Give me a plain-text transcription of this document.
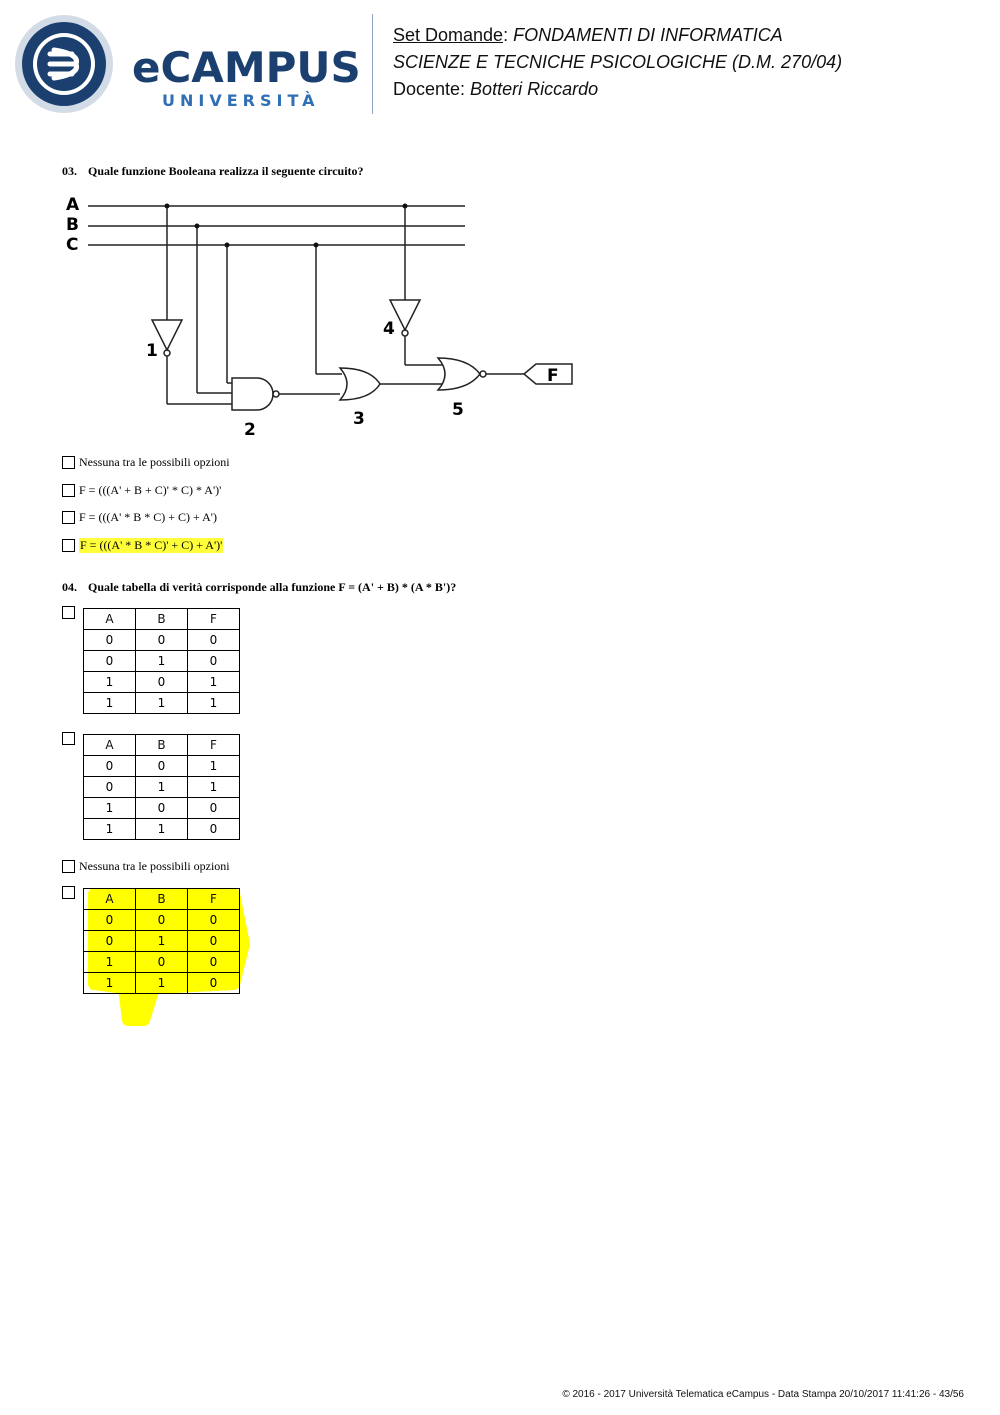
eCAMPUS
UNIVERSITÀ
Set Domande: FONDAMENTI DI INFORMATICA
SCIENZE E TECNICHE PSICOLOGICHE (D.M. 270/04)
Docente: Botteri Riccardo
03. Quale funzione Booleana realizza il seguente circuito?
A
B
C
1
2
3
4
5
F
Nessuna tra le possibili opzioni
F = (((A' + B + C)' * C) * A')'
F = (((A' * B * C) + C) + A')
F = (((A' * B * C)' + C) + A')'
04. Quale tabella di verità corrisponde alla funzione F = (A' + B) * (A * B')?
A	B	F
0	0	0
0	1	0
1	0	1
1	1	1
A	B	F
0	0	1
0	1	1
1	0	0
1	1	0
Nessuna tra le possibili opzioni
A	B	F
0	0	0
0	1	0
1	0	0
1	1	0
© 2016 - 2017 Università Telematica eCampus - Data Stampa 20/10/2017 11:41:26 - 43/56
